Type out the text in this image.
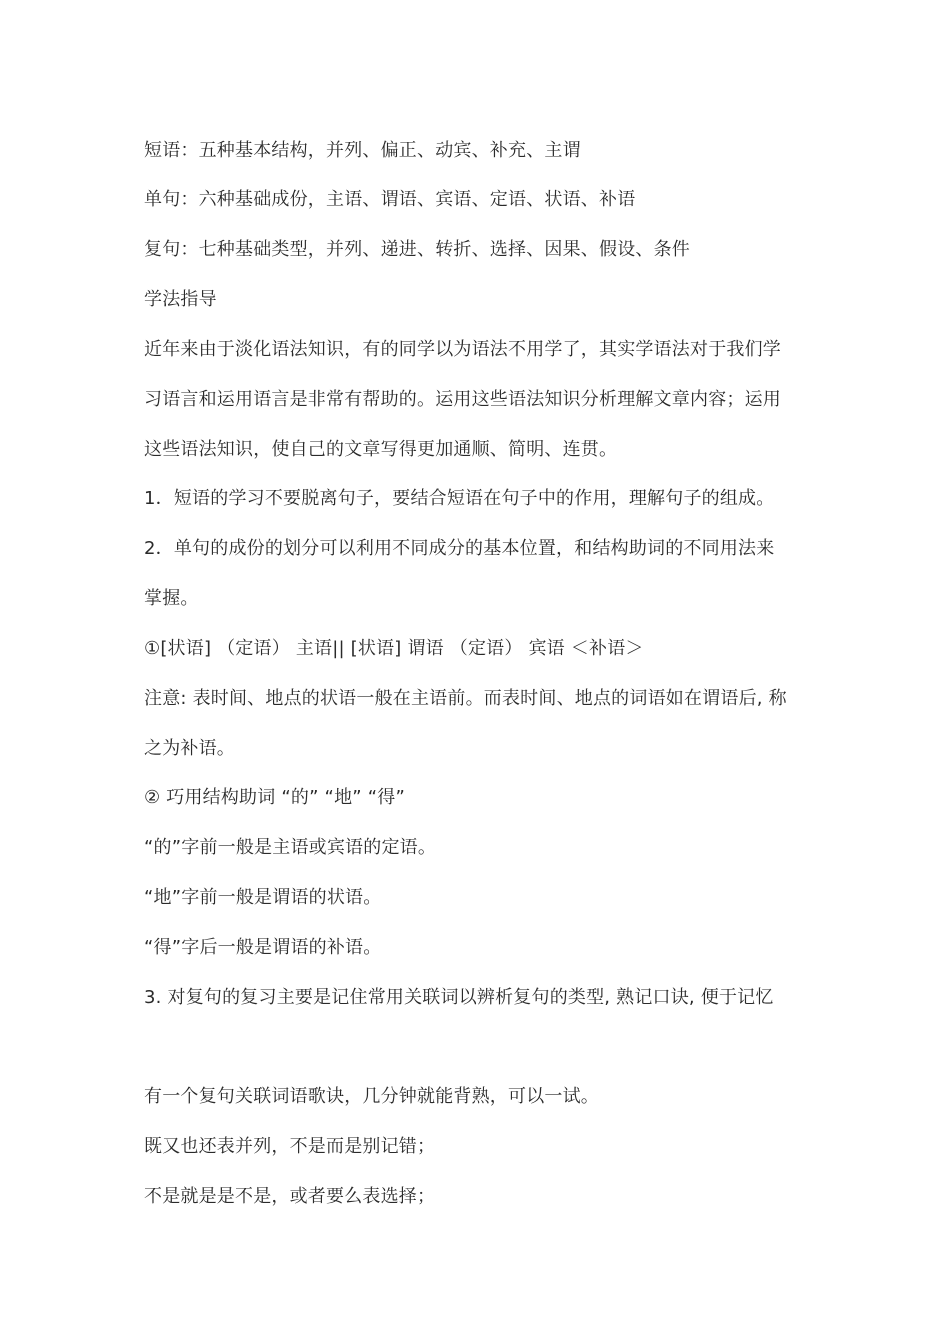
短语：五种基本结构，并列、偏正、动宾、补充、主谓
单句：六种基础成份，主语、谓语、宾语、定语、状语、补语
复句：七种基础类型，并列、递进、转折、选择、因果、假设、条件
学法指导
近年来由于淡化语法知识，有的同学以为语法不用学了，其实学语法对于我们学
习语言和运用语言是非常有帮助的。运用这些语法知识分析理解文章内容；运用
这些语法知识，使自己的文章写得更加通顺、简明、连贯。
1．短语的学习不要脱离句子，要结合短语在句子中的作用，理解句子的组成。
2．单句的成份的划分可以利用不同成分的基本位置，和结构助词的不同用法来
掌握。
①[状语] （定语） 主语|| [状语] 谓语 （定语） 宾语 ＜补语＞
注意: 表时间、地点的状语一般在主语前。而表时间、地点的词语如在谓语后, 称
之为补语。
② 巧用结构助词 “的” “地” “得”
“的”字前一般是主语或宾语的定语。
“地”字前一般是谓语的状语。
“得”字后一般是谓语的补语。
3. 对复句的复习主要是记住常用关联词以辨析复句的类型, 熟记口诀, 便于记忆
有一个复句关联词语歌诀，几分钟就能背熟，可以一试。
既又也还表并列，不是而是别记错；
不是就是是不是，或者要么表选择；
